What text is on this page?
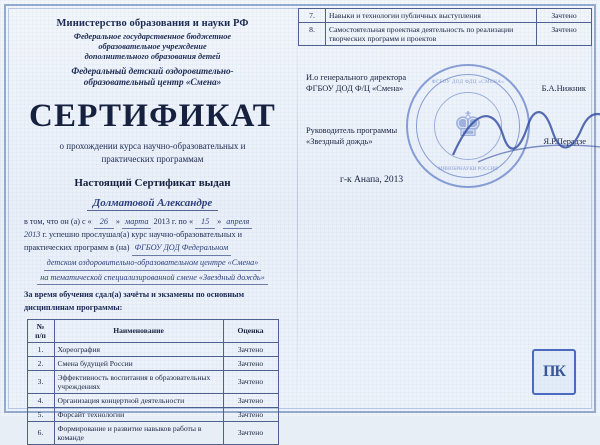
Министерство образования и науки РФ
Федеральное государственное бюджетное
образовательное учреждение
дополнительного образования детей
Федеральный детский оздоровительно-
образовательный центр «Смена»
СЕРТИФИКАТ
о прохождении курса научно-образовательных и
практических программам
Настоящий Сертификат выдан
Долматовой Александре
в том, что он (а) с « 26 » марта 2013 г. по « 15 » апреля
2013 г. успешно прослушал(а) курс научно-образовательных и
практических программ в (на) ФГБОУ ДОД Федеральном
детском оздоровительно-образовательном центре «Смена»
на тематической специализированной смене «Звездный дождь»
За время обучения сдал(а) зачёты и экзамены по основным
дисциплинам программы:
№
п/п	Наименование	Оценка
1.	Хореография	Зачтено
2.	Смена будущей России	Зачтено
3.	Эффективность воспитания в образовательных учреждениях	Зачтено
4.	Организация концертной деятельности	Зачтено
5.	Форсайт технологии	Зачтено
6.	Формирование и развитие навыков работы в команде	Зачтено
7.	Навыки и технологии публичных выступления	Зачтено
8.	Самостоятельная проектная деятельность по реализации творческих программ и проектов	Зачтено
ФГБОУ ДОД ФДЦ «СМЕНА»
♚
МИНОБРНАУКИ РОССИИ
И.о генерального директора
ФГБОУ ДОД Ф/Ц «Смена»	Б.А.Нижник
Руководитель программы
«Звездный дождь»	Я.Р.Перадзе
г-к Анапа, 2013
ПК
